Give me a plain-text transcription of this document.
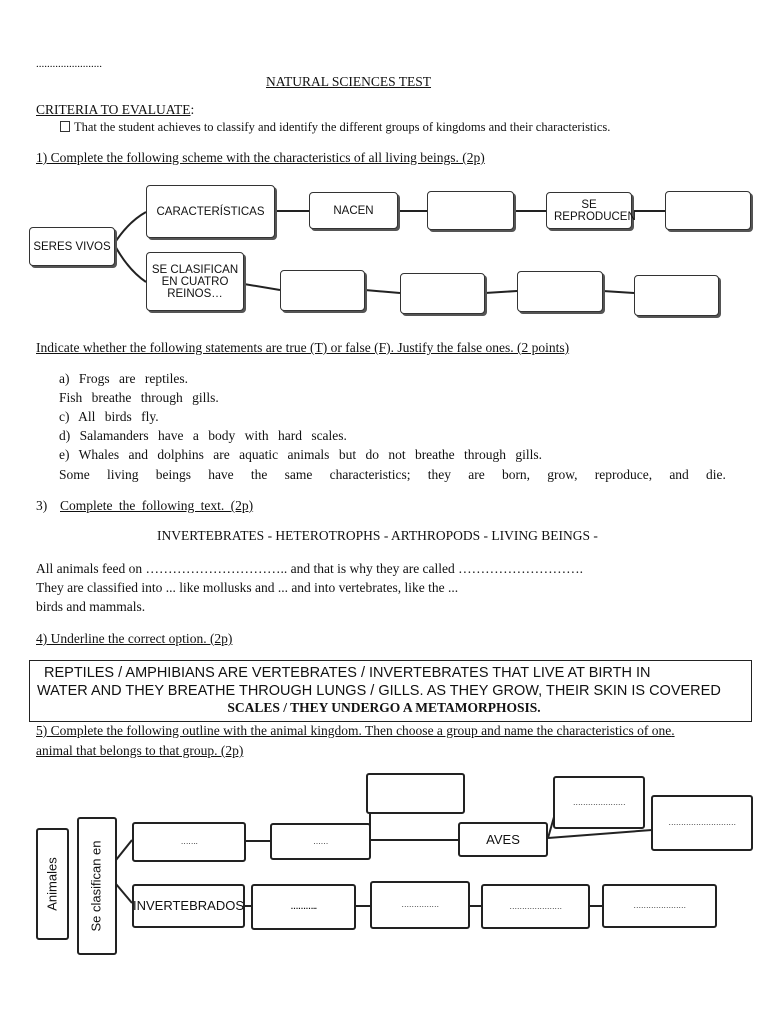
........................
NATURAL SCIENCES TEST
CRITERIA TO EVALUATE:
That the student achieves to classify and identify the different groups of kingdoms and their characteristics.
1) Complete the following scheme with the characteristics of all living beings. (2p)
SERES VIVOS
CARACTERÍSTICAS	NACEN	SE REPRODUCEN
SE CLASIFICAN EN CUATRO REINOS…
Indicate whether the following statements are true (T) or false (F). Justify the false ones. (2 points)
a) Frogs are reptiles.
Fish breathe through gills.
c) All birds fly.
d) Salamanders have a body with hard scales.
e) Whales and dolphins are aquatic animals but do not breathe through gills.
Some living beings have the same characteristics; they are born, grow, reproduce, and die.
3) Complete the following text. (2p)
INVERTEBRATES - HETEROTROPHS - ARTHROPODS - LIVING BEINGS -
All animals feed on ………………………….. and that is why they are called ……………………….
They are classified into ... like mollusks and ... and into vertebrates, like the ...
birds and mammals.
4) Underline the correct option. (2p)
REPTILES / AMPHIBIANS ARE VERTEBRATES / INVERTEBRATES THAT LIVE AT BIRTH IN
WATER AND THEY BREATHE THROUGH LUNGS / GILLS. AS THEY GROW, THEIR SKIN IS COVERED
SCALES / THEY UNDERGO A METAMORPHOSIS.
5) Complete the following outline with the animal kingdom. Then choose a group and name the characteristics of one.
animal that belongs to that group. (2p)
Animales Se clasifican en	…….	……	AVES
…………………
………………………
INVERTEBRADOS	………..	……………	…………………	…………………
